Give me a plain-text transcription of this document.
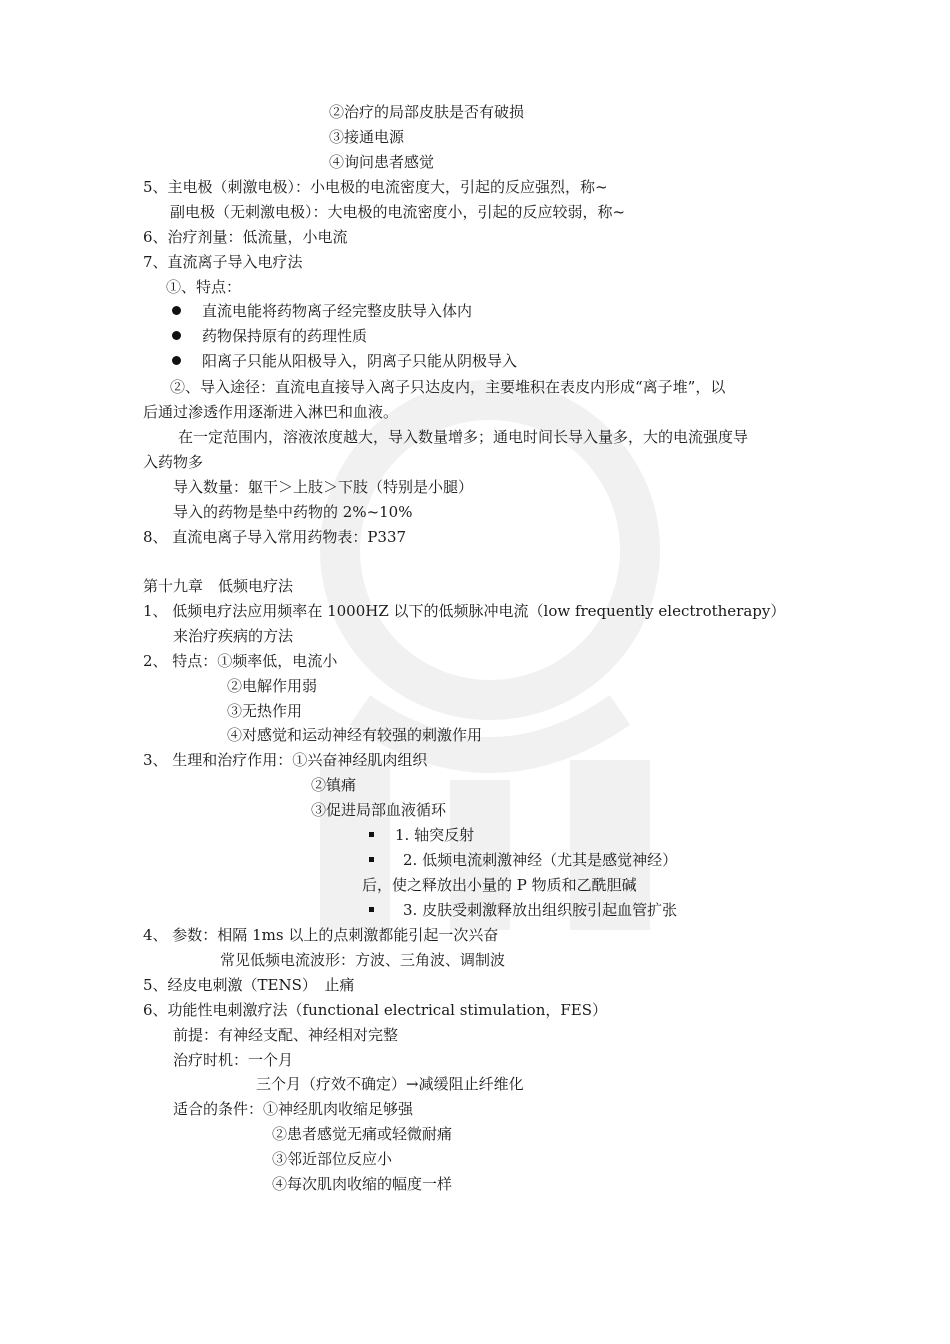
②治疗的局部皮肤是否有破损
③接通电源
④询问患者感觉
5、主电极（刺激电极）：小电极的电流密度大，引起的反应强烈，称~
副电极（无刺激电极）：大电极的电流密度小，引起的反应较弱，称~
6、治疗剂量：低流量，小电流
7、直流离子导入电疗法
①、特点：
直流电能将药物离子经完整皮肤导入体内
药物保持原有的药理性质
阳离子只能从阳极导入，阴离子只能从阴极导入
②、导入途径：直流电直接导入离子只达皮内，主要堆积在表皮内形成“离子堆”，以
后通过渗透作用逐渐进入淋巴和血液。
在一定范围内，溶液浓度越大，导入数量增多；通电时间长导入量多，大的电流强度导
入药物多
导入数量：躯干＞上肢＞下肢（特别是小腿）
导入的药物是垫中药物的 2%~10%
8、 直流电离子导入常用药物表：P337
第十九章　低频电疗法
1、 低频电疗法应用频率在 1000HZ 以下的低频脉冲电流（low frequently electrotherapy）
来治疗疾病的方法
2、 特点：①频率低，电流小
②电解作用弱
③无热作用
④对感觉和运动神经有较强的刺激作用
3、 生理和治疗作用：①兴奋神经肌肉组织
②镇痛
③促进局部血液循环
1. 轴突反射
2. 低频电流刺激神经（尤其是感觉神经）
后，使之释放出小量的 P 物质和乙酰胆碱
3. 皮肤受刺激释放出组织胺引起血管扩张
4、 参数：相隔 1ms 以上的点刺激都能引起一次兴奋
常见低频电流波形：方波、三角波、调制波
5、经皮电刺激（TENS）　止痛
6、功能性电刺激疗法（functional electrical stimulation，FES）
前提：有神经支配、神经相对完整
治疗时机：一个月
三个月（疗效不确定）→减缓阻止纤维化
适合的条件：①神经肌肉收缩足够强
②患者感觉无痛或轻微耐痛
③邻近部位反应小
④每次肌肉收缩的幅度一样
